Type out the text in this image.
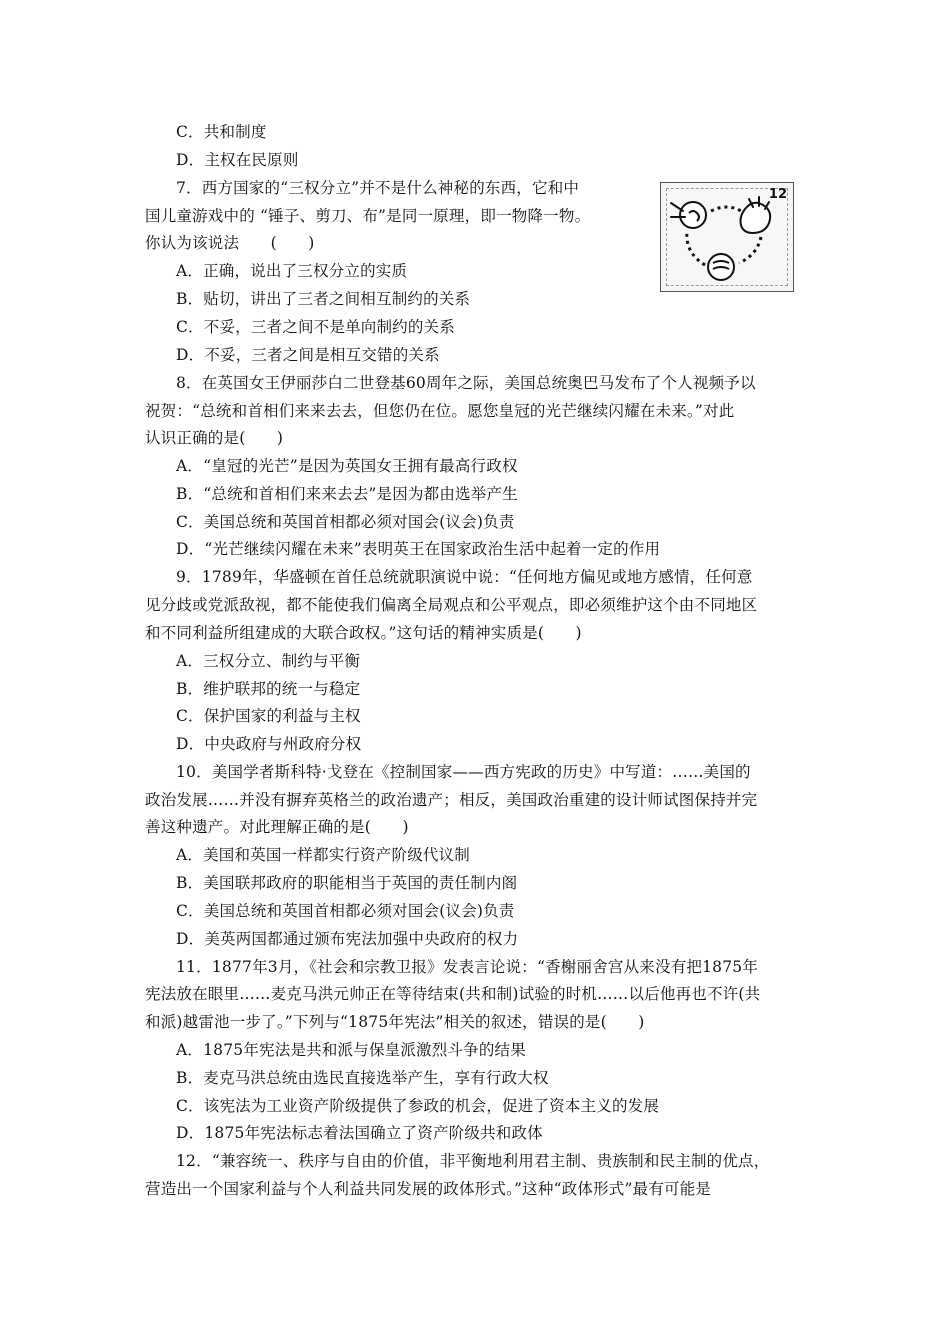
C．共和制度
D．主权在民原则
7．西方国家的“三权分立”并不是什么神秘的东西，它和中
国儿童游戏中的 “锤子、剪刀、布”是同一原理，即一物降一物。
你认为该说法　　(　　)
A．正确，说出了三权分立的实质
B．贴切，讲出了三者之间相互制约的关系
C．不妥，三者之间不是单向制约的关系
D．不妥，三者之间是相互交错的关系
8．在英国女王伊丽莎白二世登基60周年之际，美国总统奥巴马发布了个人视频予以
祝贺：“总统和首相们来来去去，但您仍在位。愿您皇冠的光芒继续闪耀在未来。”对此
认识正确的是(　　)
A．“皇冠的光芒”是因为英国女王拥有最高行政权
B．“总统和首相们来来去去”是因为都由选举产生
C．美国总统和英国首相都必须对国会(议会)负责
D．“光芒继续闪耀在未来”表明英王在国家政治生活中起着一定的作用
9．1789年，华盛顿在首任总统就职演说中说：“任何地方偏见或地方感情，任何意
见分歧或党派敌视，都不能使我们偏离全局观点和公平观点，即必须维护这个由不同地区
和不同利益所组建成的大联合政权。”这句话的精神实质是(　　)
A．三权分立、制约与平衡
B．维护联邦的统一与稳定
C．保护国家的利益与主权
D．中央政府与州政府分权
10．美国学者斯科特·戈登在《控制国家——西方宪政的历史》中写道：……美国的
政治发展……并没有摒弃英格兰的政治遗产；相反，美国政治重建的设计师试图保持并完
善这种遗产。对此理解正确的是(　　)
A．美国和英国一样都实行资产阶级代议制
B．美国联邦政府的职能相当于英国的责任制内阁
C．美国总统和英国首相都必须对国会(议会)负责
D．美英两国都通过颁布宪法加强中央政府的权力
11．1877年3月，《社会和宗教卫报》发表言论说：“香榭丽舍宫从来没有把1875年
宪法放在眼里……麦克马洪元帅正在等待结束(共和制)试验的时机……以后他再也不许(共
和派)越雷池一步了。”下列与“1875年宪法”相关的叙述，错误的是(　　)
A．1875年宪法是共和派与保皇派激烈斗争的结果
B．麦克马洪总统由选民直接选举产生，享有行政大权
C．该宪法为工业资产阶级提供了参政的机会，促进了资本主义的发展
D．1875年宪法标志着法国确立了资产阶级共和政体
12．“兼容统一、秩序与自由的价值，非平衡地利用君主制、贵族制和民主制的优点，
营造出一个国家利益与个人利益共同发展的政体形式。”这种“政体形式”最有可能是
12
